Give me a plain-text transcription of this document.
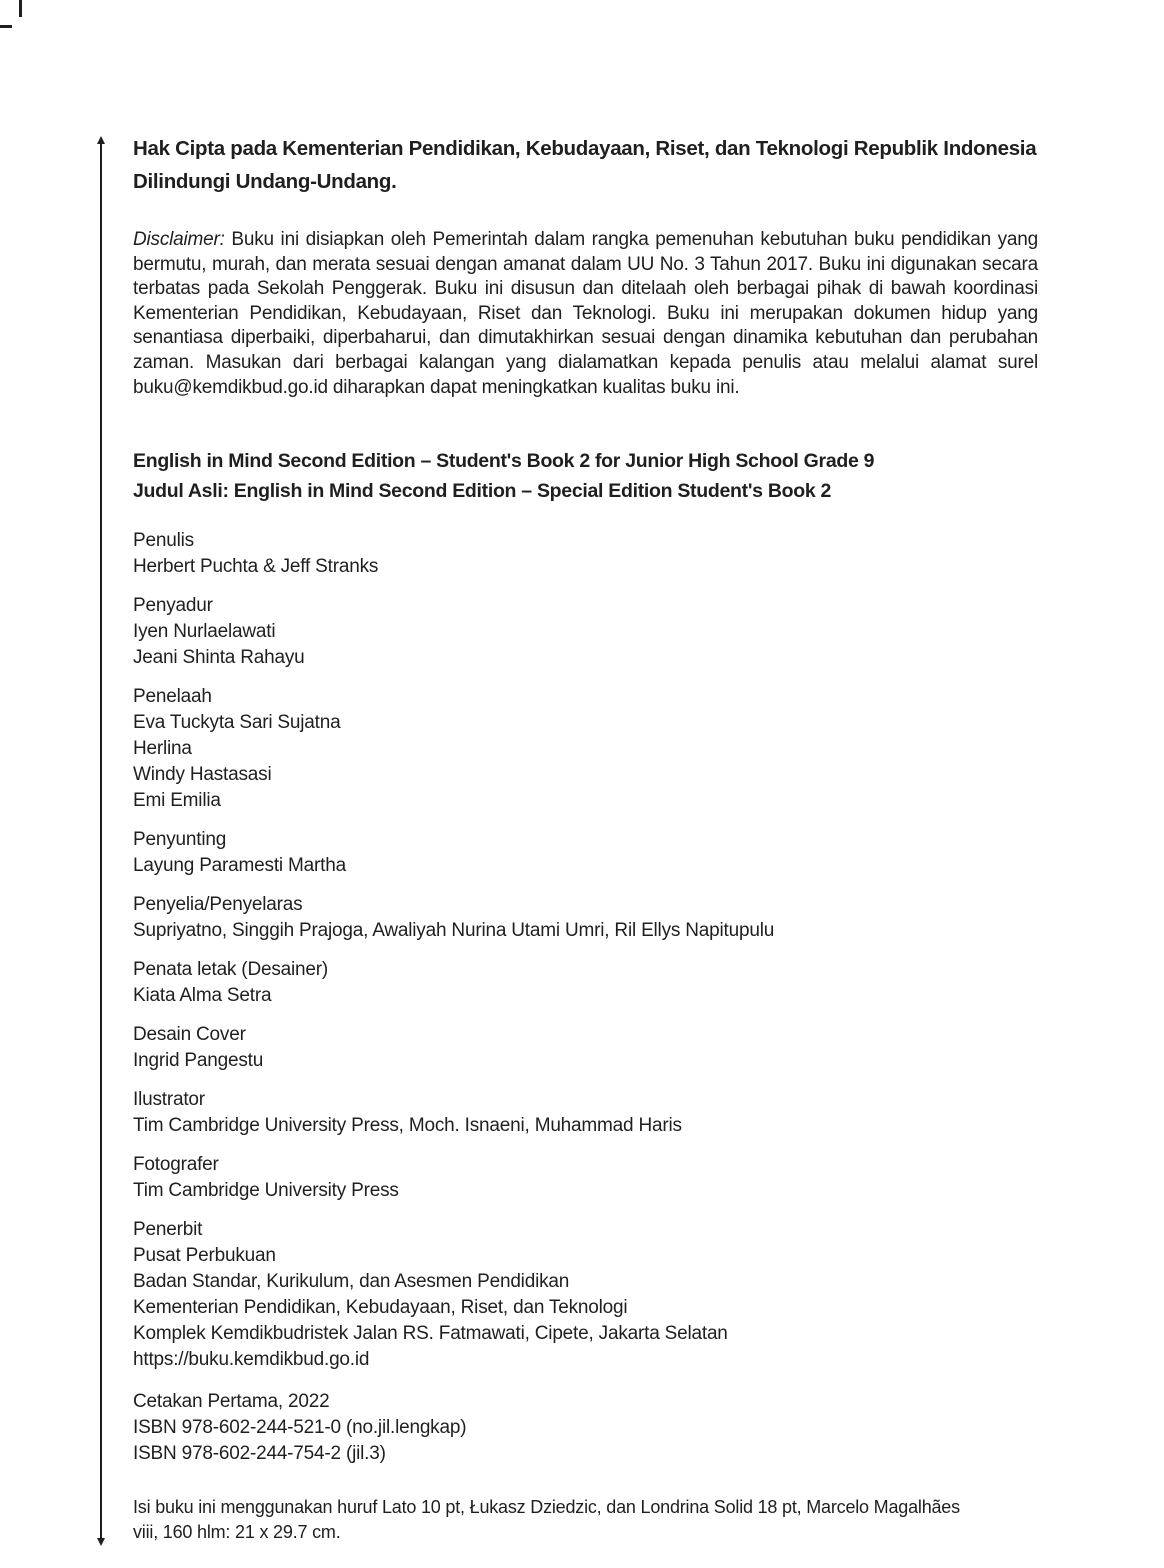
Hak Cipta pada Kementerian Pendidikan, Kebudayaan, Riset, dan Teknologi Republik Indonesia
Dilindungi Undang-Undang.

Disclaimer: Buku ini disiapkan oleh Pemerintah dalam rangka pemenuhan kebutuhan buku pendidikan yang bermutu, murah, dan merata sesuai dengan amanat dalam UU No. 3 Tahun 2017. Buku ini digunakan secara terbatas pada Sekolah Penggerak. Buku ini disusun dan ditelaah oleh berbagai pihak di bawah koordinasi Kementerian Pendidikan, Kebudayaan, Riset dan Teknologi. Buku ini merupakan dokumen hidup yang senantiasa diperbaiki, diperbaharui, dan dimutakhirkan sesuai dengan dinamika kebutuhan dan perubahan zaman. Masukan dari berbagai kalangan yang dialamatkan kepada penulis atau melalui alamat surel buku@kemdikbud.go.id diharapkan dapat meningkatkan kualitas buku ini.

English in Mind Second Edition – Student's Book 2 for Junior High School Grade 9
Judul Asli: English in Mind Second Edition – Special Edition Student's Book 2
Penulis
Herbert Puchta & Jeff Stranks
Penyadur
Iyen Nurlaelawati
Jeani Shinta Rahayu
Penelaah
Eva Tuckyta Sari Sujatna
Herlina
Windy Hastasasi
Emi Emilia
Penyunting
Layung Paramesti Martha
Penyelia/Penyelaras
Supriyatno, Singgih Prajoga, Awaliyah Nurina Utami Umri, Ril Ellys Napitupulu
Penata letak (Desainer)
Kiata Alma Setra
Desain Cover
Ingrid Pangestu
Ilustrator
Tim Cambridge University Press, Moch. Isnaeni, Muhammad Haris
Fotografer
Tim Cambridge University Press
Penerbit
Pusat Perbukuan
Badan Standar, Kurikulum, dan Asesmen Pendidikan
Kementerian Pendidikan, Kebudayaan, Riset, dan Teknologi
Komplek Kemdikbudristek Jalan RS. Fatmawati, Cipete, Jakarta Selatan
https://buku.kemdikbud.go.id
Cetakan Pertama, 2022
ISBN 978-602-244-521-0 (no.jil.lengkap)
ISBN 978-602-244-754-2 (jil.3)
Isi buku ini menggunakan huruf Lato 10 pt, Łukasz Dziedzic, dan Londrina Solid 18 pt, Marcelo Magalhães
viii, 160 hlm: 21 x 29.7 cm.
